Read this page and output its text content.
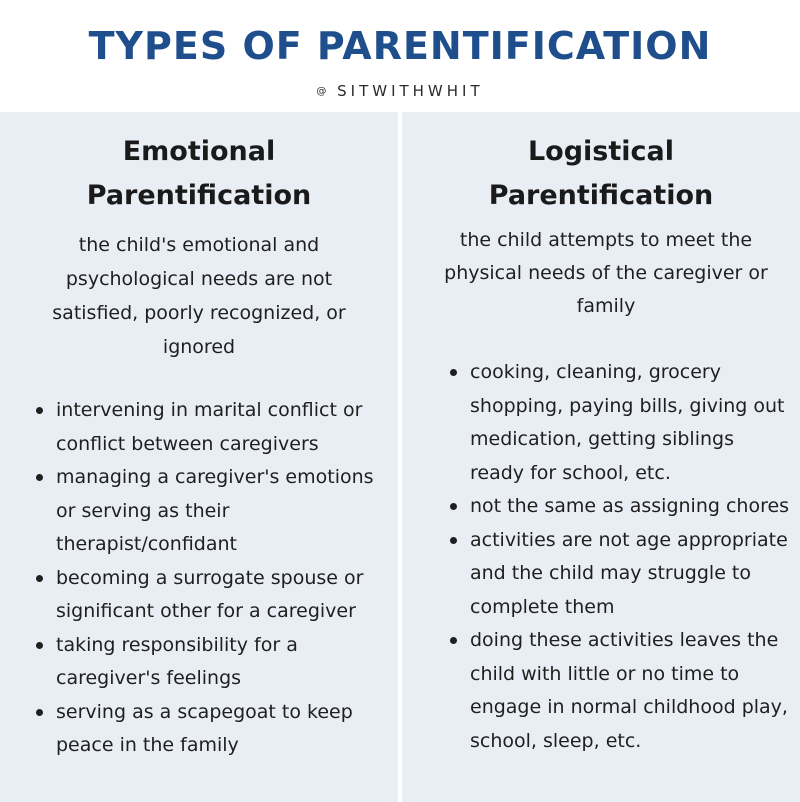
TYPES OF PARENTIFICATION
@ SITWITHWHIT
Emotional Parentification
the child's emotional and psychological needs are not satisfied, poorly recognized, or ignored
intervening in marital conflict or conflict between caregivers
managing a caregiver's emotions or serving as their therapist/confidant
becoming a surrogate spouse or significant other for a caregiver
taking responsibility for a caregiver's feelings
serving as a scapegoat to keep peace in the family
Logistical Parentification
the child attempts to meet the physical needs of the caregiver or family
cooking, cleaning, grocery shopping, paying bills, giving out medication, getting siblings ready for school, etc.
not the same as assigning chores
activities are not age appropriate and the child may struggle to complete them
doing these activities leaves the child with little or no time to engage in normal childhood play, school, sleep, etc.
